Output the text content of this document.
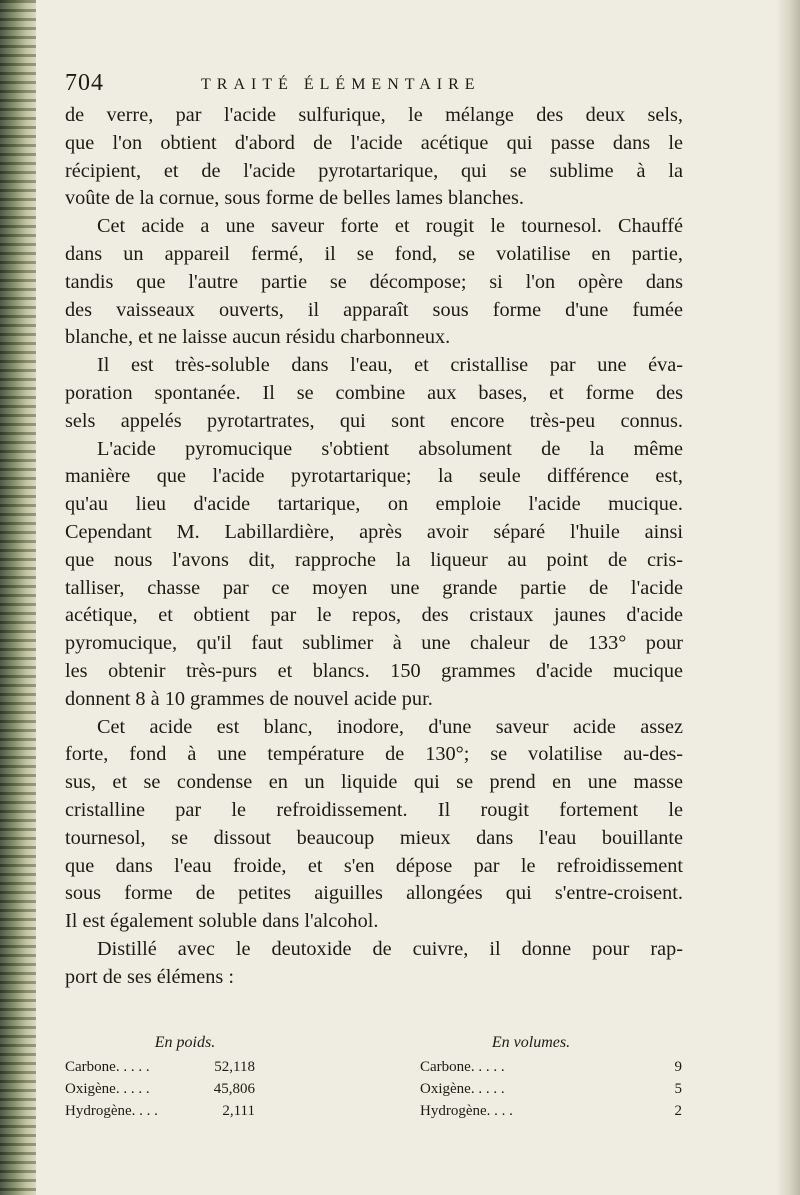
704	TRAITÉ ÉLÉMENTAIRE
de verre, par l'acide sulfurique, le mélange des deux sels,
que l'on obtient d'abord de l'acide acétique qui passe dans le
récipient, et de l'acide pyrotartarique, qui se sublime à la
voûte de la cornue, sous forme de belles lames blanches.
Cet acide a une saveur forte et rougit le tournesol. Chauffé
dans un appareil fermé, il se fond, se volatilise en partie,
tandis que l'autre partie se décompose; si l'on opère dans
des vaisseaux ouverts, il apparaît sous forme d'une fumée
blanche, et ne laisse aucun résidu charbonneux.
Il est très-soluble dans l'eau, et cristallise par une éva-
poration spontanée. Il se combine aux bases, et forme des
sels appelés pyrotartrates, qui sont encore très-peu connus.
L'acide pyromucique s'obtient absolument de la même
manière que l'acide pyrotartarique; la seule différence est,
qu'au lieu d'acide tartarique, on emploie l'acide mucique.
Cependant M. Labillardière, après avoir séparé l'huile ainsi
que nous l'avons dit, rapproche la liqueur au point de cris-
talliser, chasse par ce moyen une grande partie de l'acide
acétique, et obtient par le repos, des cristaux jaunes d'acide
pyromucique, qu'il faut sublimer à une chaleur de 133° pour
les obtenir très-purs et blancs. 150 grammes d'acide mucique
donnent 8 à 10 grammes de nouvel acide pur.
Cet acide est blanc, inodore, d'une saveur acide assez
forte, fond à une température de 130°; se volatilise au-des-
sus, et se condense en un liquide qui se prend en une masse
cristalline par le refroidissement. Il rougit fortement le
tournesol, se dissout beaucoup mieux dans l'eau bouillante
que dans l'eau froide, et s'en dépose par le refroidissement
sous forme de petites aiguilles allongées qui s'entre-croisent.
Il est également soluble dans l'alcohol.
Distillé avec le deutoxide de cuivre, il donne pour rap-
port de ses élémens :
En poids.
Carbone. . . . .	52,118
Oxigène. . . . .	45,806
Hydrogène. . . .	2,111
En volumes.
Carbone. . . . .	9
Oxigène. . . . .	5
Hydrogène. . . .	2
